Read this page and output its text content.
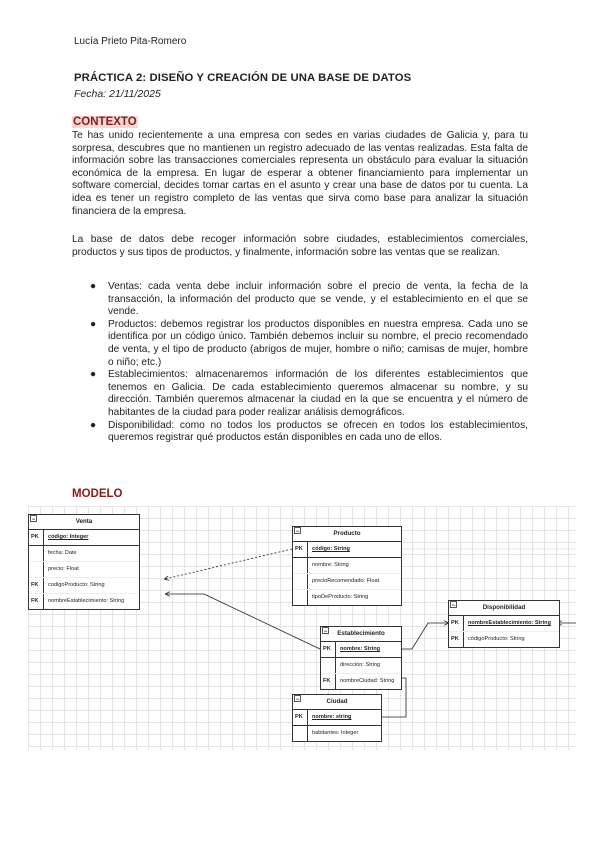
Lucía Prieto Pita-Romero
PRÁCTICA 2: DISEÑO Y CREACIÓN DE UNA BASE DE DATOS
Fecha: 21/11/2025
CONTEXTO
Te has unido recientemente a una empresa con sedes en varias ciudades de Galicia y, para tu sorpresa, descubres que no mantienen un registro adecuado de las ventas realizadas. Esta falta de información sobre las transacciones comerciales representa un obstáculo para evaluar la situación económica de la empresa. En lugar de esperar a obtener financiamiento para implementar un software comercial, decides tomar cartas en el asunto y crear una base de datos por tu cuenta. La idea es tener un registro completo de las ventas que sirva como base para analizar la situación financiera de la empresa.
La base de datos debe recoger información sobre ciudades, establecimientos comerciales, productos y sus tipos de productos, y finalmente, información sobre las ventas que se realizan.
● Ventas: cada venta debe incluir información sobre el precio de venta, la fecha de la transacción, la información del producto que se vende, y el establecimiento en el que se vende.
● Productos: debemos registrar los productos disponibles en nuestra empresa. Cada uno se identifica por un código único. También debemos incluir su nombre, el precio recomendado de venta, y el tipo de producto (abrigos de mujer, hombre o niño; camisas de mujer, hombre o niño; etc.)
● Establecimientos: almacenaremos información de los diferentes establecimientos que tenemos en Galicia. De cada establecimiento queremos almacenar su nombre, y su dirección. También queremos almacenar la ciudad en la que se encuentra y el número de habitantes de la ciudad para poder realizar análisis demográficos.
● Disponibilidad: como no todos los productos se ofrecen en todos los establecimientos, queremos registrar qué productos están disponibles en cada uno de ellos.
MODELO
−	Venta
PK	código: Integer
fecha: Date
precio: Float
FK	codigoProducto: String
FK	nombreEstablecimiento: String
−	Producto
PK	código: String
nombre: String
precioRecomendado: Float
tipoDeProducto: String
− Establecimiento
PK	nombre: String
dirección: String
FK	nombreCiudad: String
−	Ciudad
PK	nombre: string
habitantes: Integer
−	Disponibilidad
PK	nombreEstablecimiento: String
PK	códigoProducto: String
